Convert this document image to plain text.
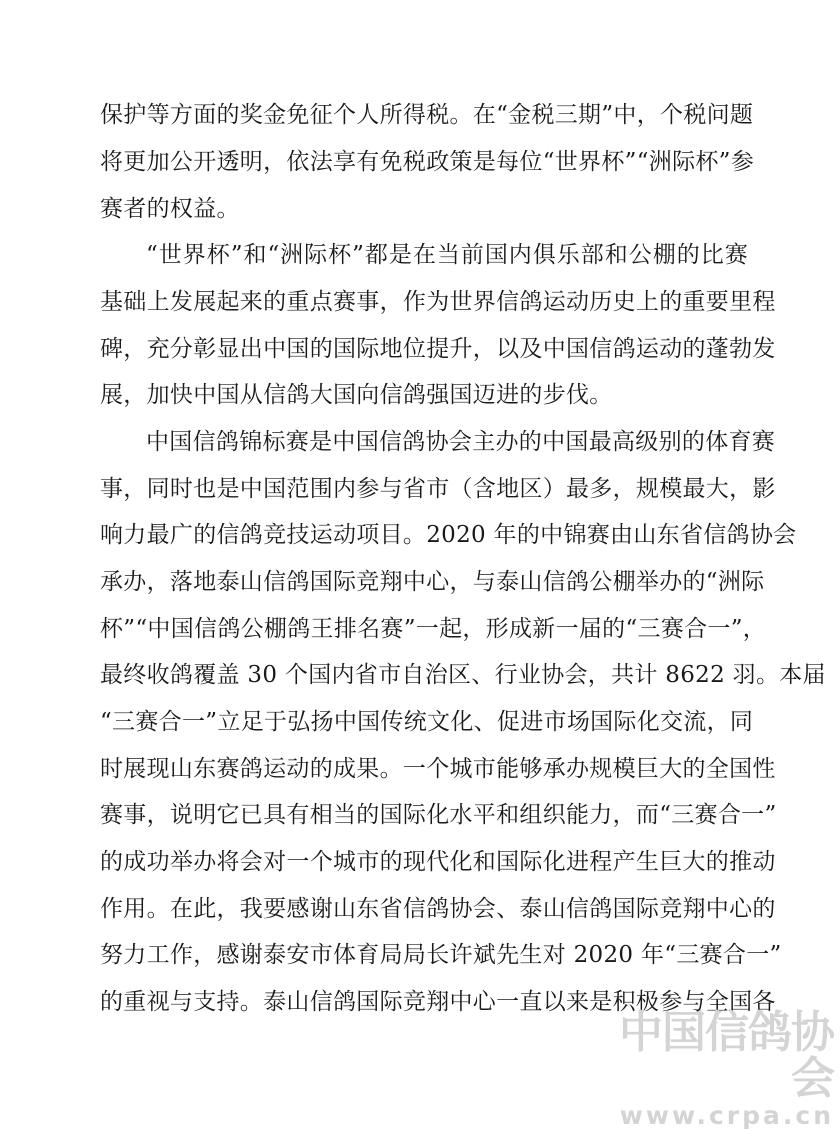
保护等方面的奖金免征个人所得税。在“金税三期”中，个税问题
将更加公开透明，依法享有免税政策是每位“世界杯”“洲际杯”参
赛者的权益。
“世界杯”和“洲际杯”都是在当前国内俱乐部和公棚的比赛
基础上发展起来的重点赛事，作为世界信鸽运动历史上的重要里程
碑，充分彰显出中国的国际地位提升，以及中国信鸽运动的蓬勃发
展，加快中国从信鸽大国向信鸽强国迈进的步伐。
中国信鸽锦标赛是中国信鸽协会主办的中国最高级别的体育赛
事，同时也是中国范围内参与省市（含地区）最多，规模最大，影
响力最广的信鸽竞技运动项目。2020 年的中锦赛由山东省信鸽协会
承办，落地泰山信鸽国际竞翔中心，与泰山信鸽公棚举办的“洲际
杯”“中国信鸽公棚鸽王排名赛”一起，形成新一届的“三赛合一”，
最终收鸽覆盖 30 个国内省市自治区、行业协会，共计 8622 羽。本届
“三赛合一”立足于弘扬中国传统文化、促进市场国际化交流，同
时展现山东赛鸽运动的成果。一个城市能够承办规模巨大的全国性
赛事，说明它已具有相当的国际化水平和组织能力，而“三赛合一”
的成功举办将会对一个城市的现代化和国际化进程产生巨大的推动
作用。在此，我要感谢山东省信鸽协会、泰山信鸽国际竞翔中心的
努力工作，感谢泰安市体育局局长许斌先生对 2020 年“三赛合一”
的重视与支持。泰山信鸽国际竞翔中心一直以来是积极参与全国各
中国信鸽协会
www.crpa.cn
